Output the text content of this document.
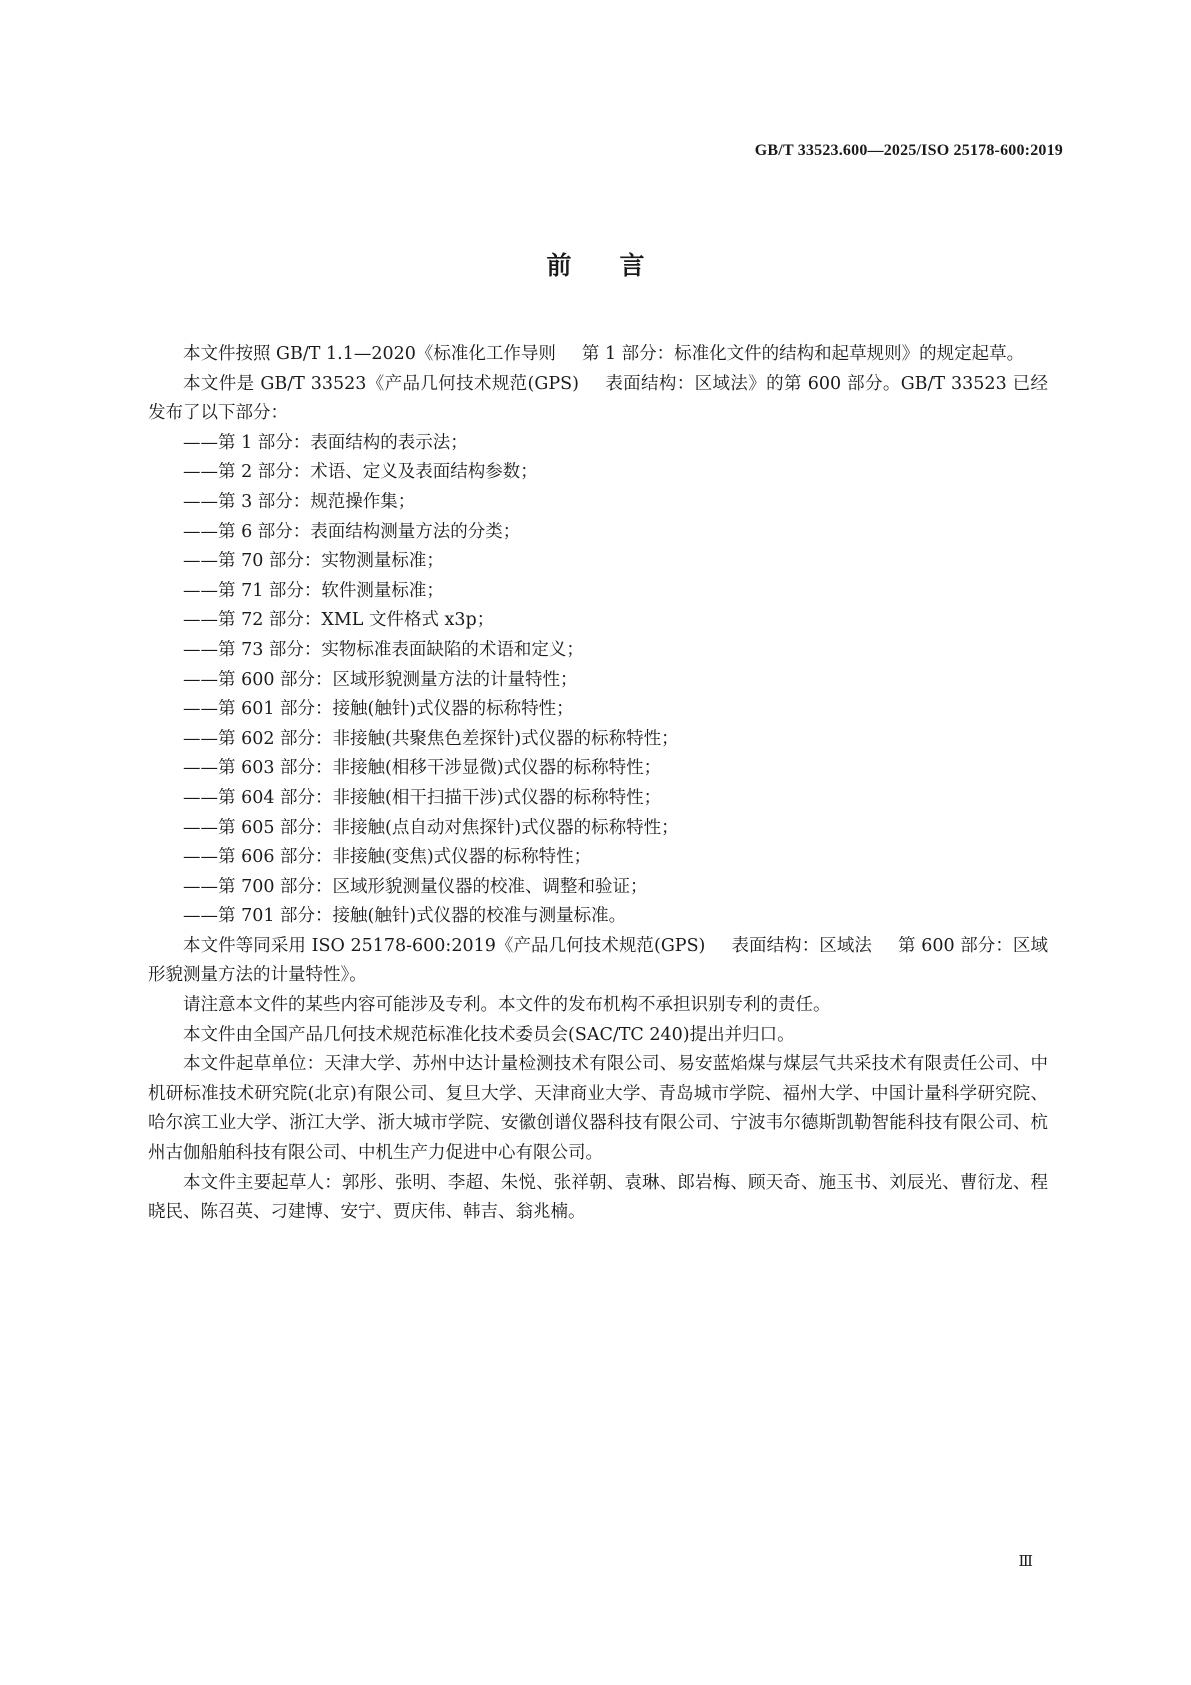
GB/T 33523.600—2025/ISO 25178-600:2019
前言

本文件按照 GB/T 1.1—2020《标准化工作导则 第 1 部分：标准化文件的结构和起草规则》的规定起草。

本文件是 GB/T 33523《产品几何技术规范(GPS) 表面结构：区域法》的第 600 部分。GB/T 33523 已经发布了以下部分：

——第 1 部分：表面结构的表示法；
——第 2 部分：术语、定义及表面结构参数；
——第 3 部分：规范操作集；
——第 6 部分：表面结构测量方法的分类；
——第 70 部分：实物测量标准；
——第 71 部分：软件测量标准；
——第 72 部分：XML 文件格式 x3p；
——第 73 部分：实物标准表面缺陷的术语和定义；
——第 600 部分：区域形貌测量方法的计量特性；
——第 601 部分：接触(触针)式仪器的标称特性；
——第 602 部分：非接触(共聚焦色差探针)式仪器的标称特性；
——第 603 部分：非接触(相移干涉显微)式仪器的标称特性；
——第 604 部分：非接触(相干扫描干涉)式仪器的标称特性；
——第 605 部分：非接触(点自动对焦探针)式仪器的标称特性；
——第 606 部分：非接触(变焦)式仪器的标称特性；
——第 700 部分：区域形貌测量仪器的校准、调整和验证；
——第 701 部分：接触(触针)式仪器的校准与测量标准。

本文件等同采用 ISO 25178-600:2019《产品几何技术规范(GPS) 表面结构：区域法 第 600 部分：区域形貌测量方法的计量特性》。

请注意本文件的某些内容可能涉及专利。本文件的发布机构不承担识别专利的责任。

本文件由全国产品几何技术规范标准化技术委员会(SAC/TC 240)提出并归口。

本文件起草单位：天津大学、苏州中达计量检测技术有限公司、易安蓝焰煤与煤层气共采技术有限责任公司、中机研标准技术研究院(北京)有限公司、复旦大学、天津商业大学、青岛城市学院、福州大学、中国计量科学研究院、哈尔滨工业大学、浙江大学、浙大城市学院、安徽创谱仪器科技有限公司、宁波韦尔德斯凯勒智能科技有限公司、杭州古伽船舶科技有限公司、中机生产力促进中心有限公司。

本文件主要起草人：郭彤、张明、李超、朱悦、张祥朝、袁琳、郎岩梅、顾天奇、施玉书、刘辰光、曹衍龙、程晓民、陈召英、刁建博、安宁、贾庆伟、韩吉、翁兆楠。

Ⅲ
